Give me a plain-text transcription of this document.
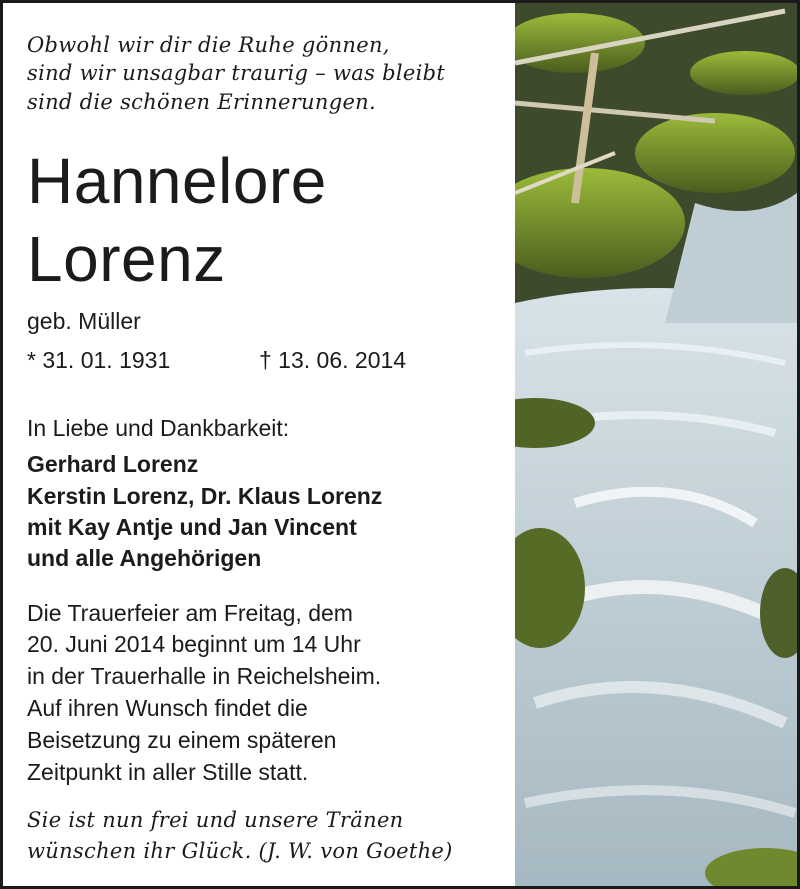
Obwohl wir dir die Ruhe gönnen,
sind wir unsagbar traurig – was bleibt
sind die schönen Erinnerungen.
Hannelore
Lorenz
geb. Müller
* 31. 01. 1931	† 13. 06. 2014
In Liebe und Dankbarkeit:
Gerhard Lorenz
Kerstin Lorenz, Dr. Klaus Lorenz
mit Kay Antje und Jan Vincent
und alle Angehörigen
Die Trauerfeier am Freitag, dem
20. Juni 2014 beginnt um 14 Uhr
in der Trauerhalle in Reichelsheim.
Auf ihren Wunsch findet die
Beisetzung zu einem späteren
Zeitpunkt in aller Stille statt.
Sie ist nun frei und unsere Tränen
wünschen ihr Glück. (J. W. von Goethe)
